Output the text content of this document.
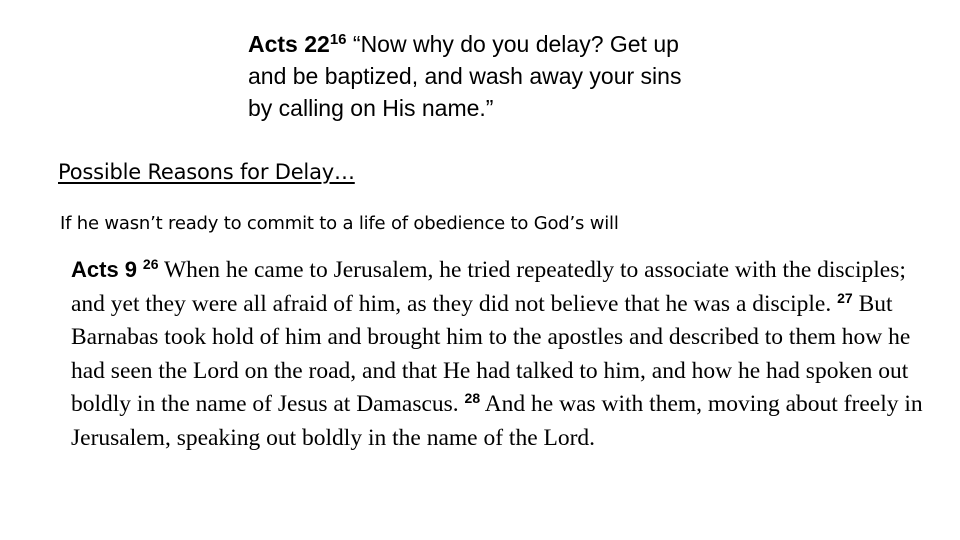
Acts $22^{16}$ “Now why do you delay? Get up and be baptized, and wash away your sins by calling on His name.”
Possible Reasons for Delay…
If he wasn’t ready to commit to a life of obedience to God’s will
Acts 9 $^{26}$ When he came to Jerusalem, he tried repeatedly to associate with the disciples; and yet they were all afraid of him, as they did not believe that he was a disciple. $^{27}$ But Barnabas took hold of him and brought him to the apostles and described to them how he had seen the Lord on the road, and that He had talked to him, and how he had spoken out boldly in the name of Jesus at Damascus. $^{28}$ And he was with them, moving about freely in Jerusalem, speaking out boldly in the name of the Lord.
